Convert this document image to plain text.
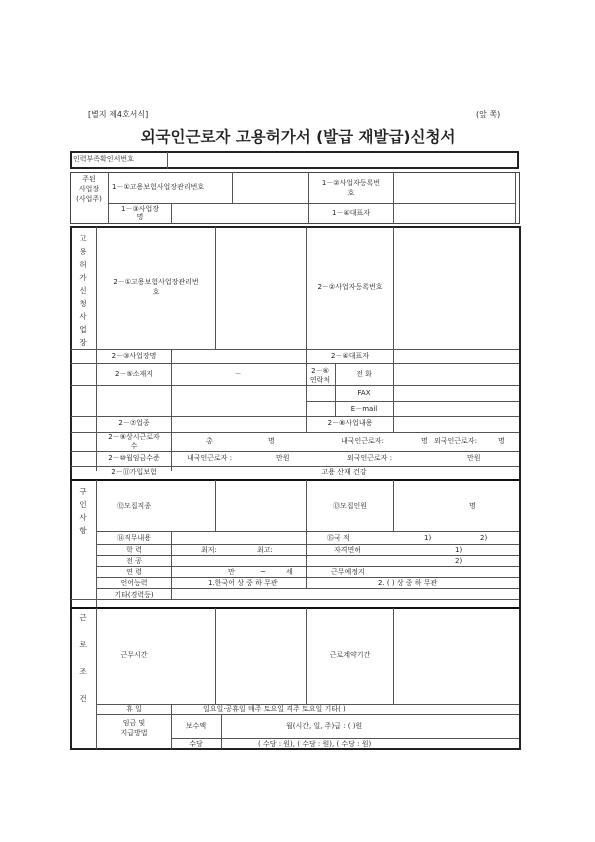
[별지 제4호서식]	(앞 쪽)
외국인근로자 고용허가서 (발급 재발급)신청서
인력부족확인서번호
주된
사업장
(사업주)
1－①고용보험사업장관리번호	1－②사업자등록번
호
1－③사업장
명	1－④대표자
고
용
허
가
신
청
사
업
장
2－①고용보험사업장관리번
호
2－②사업자등록번호
2－③사업장명	2－④대표자
2－⑤소재지	－	2－⑥
연락처
전 화
FAX
E－mail
2－⑦업종	2－⑧사업내용
2－⑨상시근로자
수
총	명	내국인근로자:	명 외국인근로자:	명
2－⑩월임금수준	내국인근로자 :	만원	외국인근로자 :	만원
2－⑪가입보험	고용 산재 건강
구
인
사
항
⑫모집직종	⑬모집인원	명
⑭직무내용	⑮국 적	1)	2)
학 력	최저:	최고:	자격면허	1)
전 공	2)
연 령	만	~	세	근무예정지
언어능력	1.한국어 상 중 하 무관	2. ( ) 상 중 하 무관
기타(경력등)
근
로
조
건
근무시간	근로계약기간
휴 일	일요일·공휴일 매주 토요일 격주 토요일 기타( )
임금 및
지급방법
보수액	월(시간, 일, 주)급 : ( )원
수당	( 수당 : 원), ( 수당 : 원), ( 수당 : 원)
